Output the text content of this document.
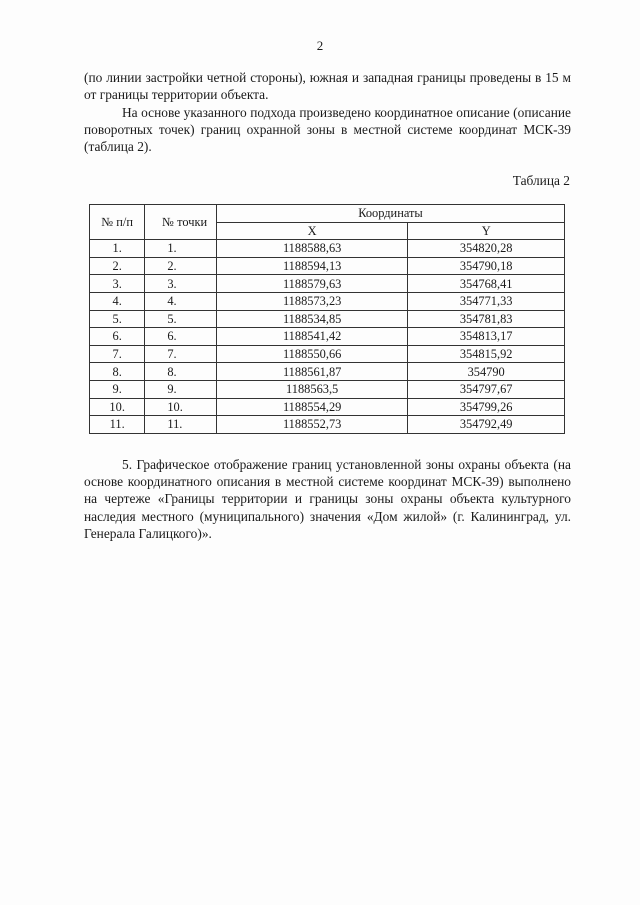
2

(по линии застройки четной стороны), южная и западная границы проведены в 15 м от границы территории объекта.

На основе указанного подхода произведено координатное описание (описание поворотных точек) границ охранной зоны в местной системе координат МСК-39 (таблица 2).

Таблица 2
№ п/п	№ точки	Координаты	
		X	Y
1.	1.	1188588,63	354820,28
2.	2.	1188594,13	354790,18
3.	3.	1188579,63	354768,41
4.	4.	1188573,23	354771,33
5.	5.	1188534,85	354781,83
6.	6.	1188541,42	354813,17
7.	7.	1188550,66	354815,92
8.	8.	1188561,87	354790
9.	9.	1188563,5	354797,67
10.	10.	1188554,29	354799,26
11.	11.	1188552,73	354792,49

5. Графическое отображение границ установленной зоны охраны объекта (на основе координатного описания в местной системе координат МСК-39) выполнено на чертеже «Границы территории и границы зоны охраны объекта культурного наследия местного (муниципального) значения «Дом жилой» (г. Калининград, ул. Генерала Галицкого)».
